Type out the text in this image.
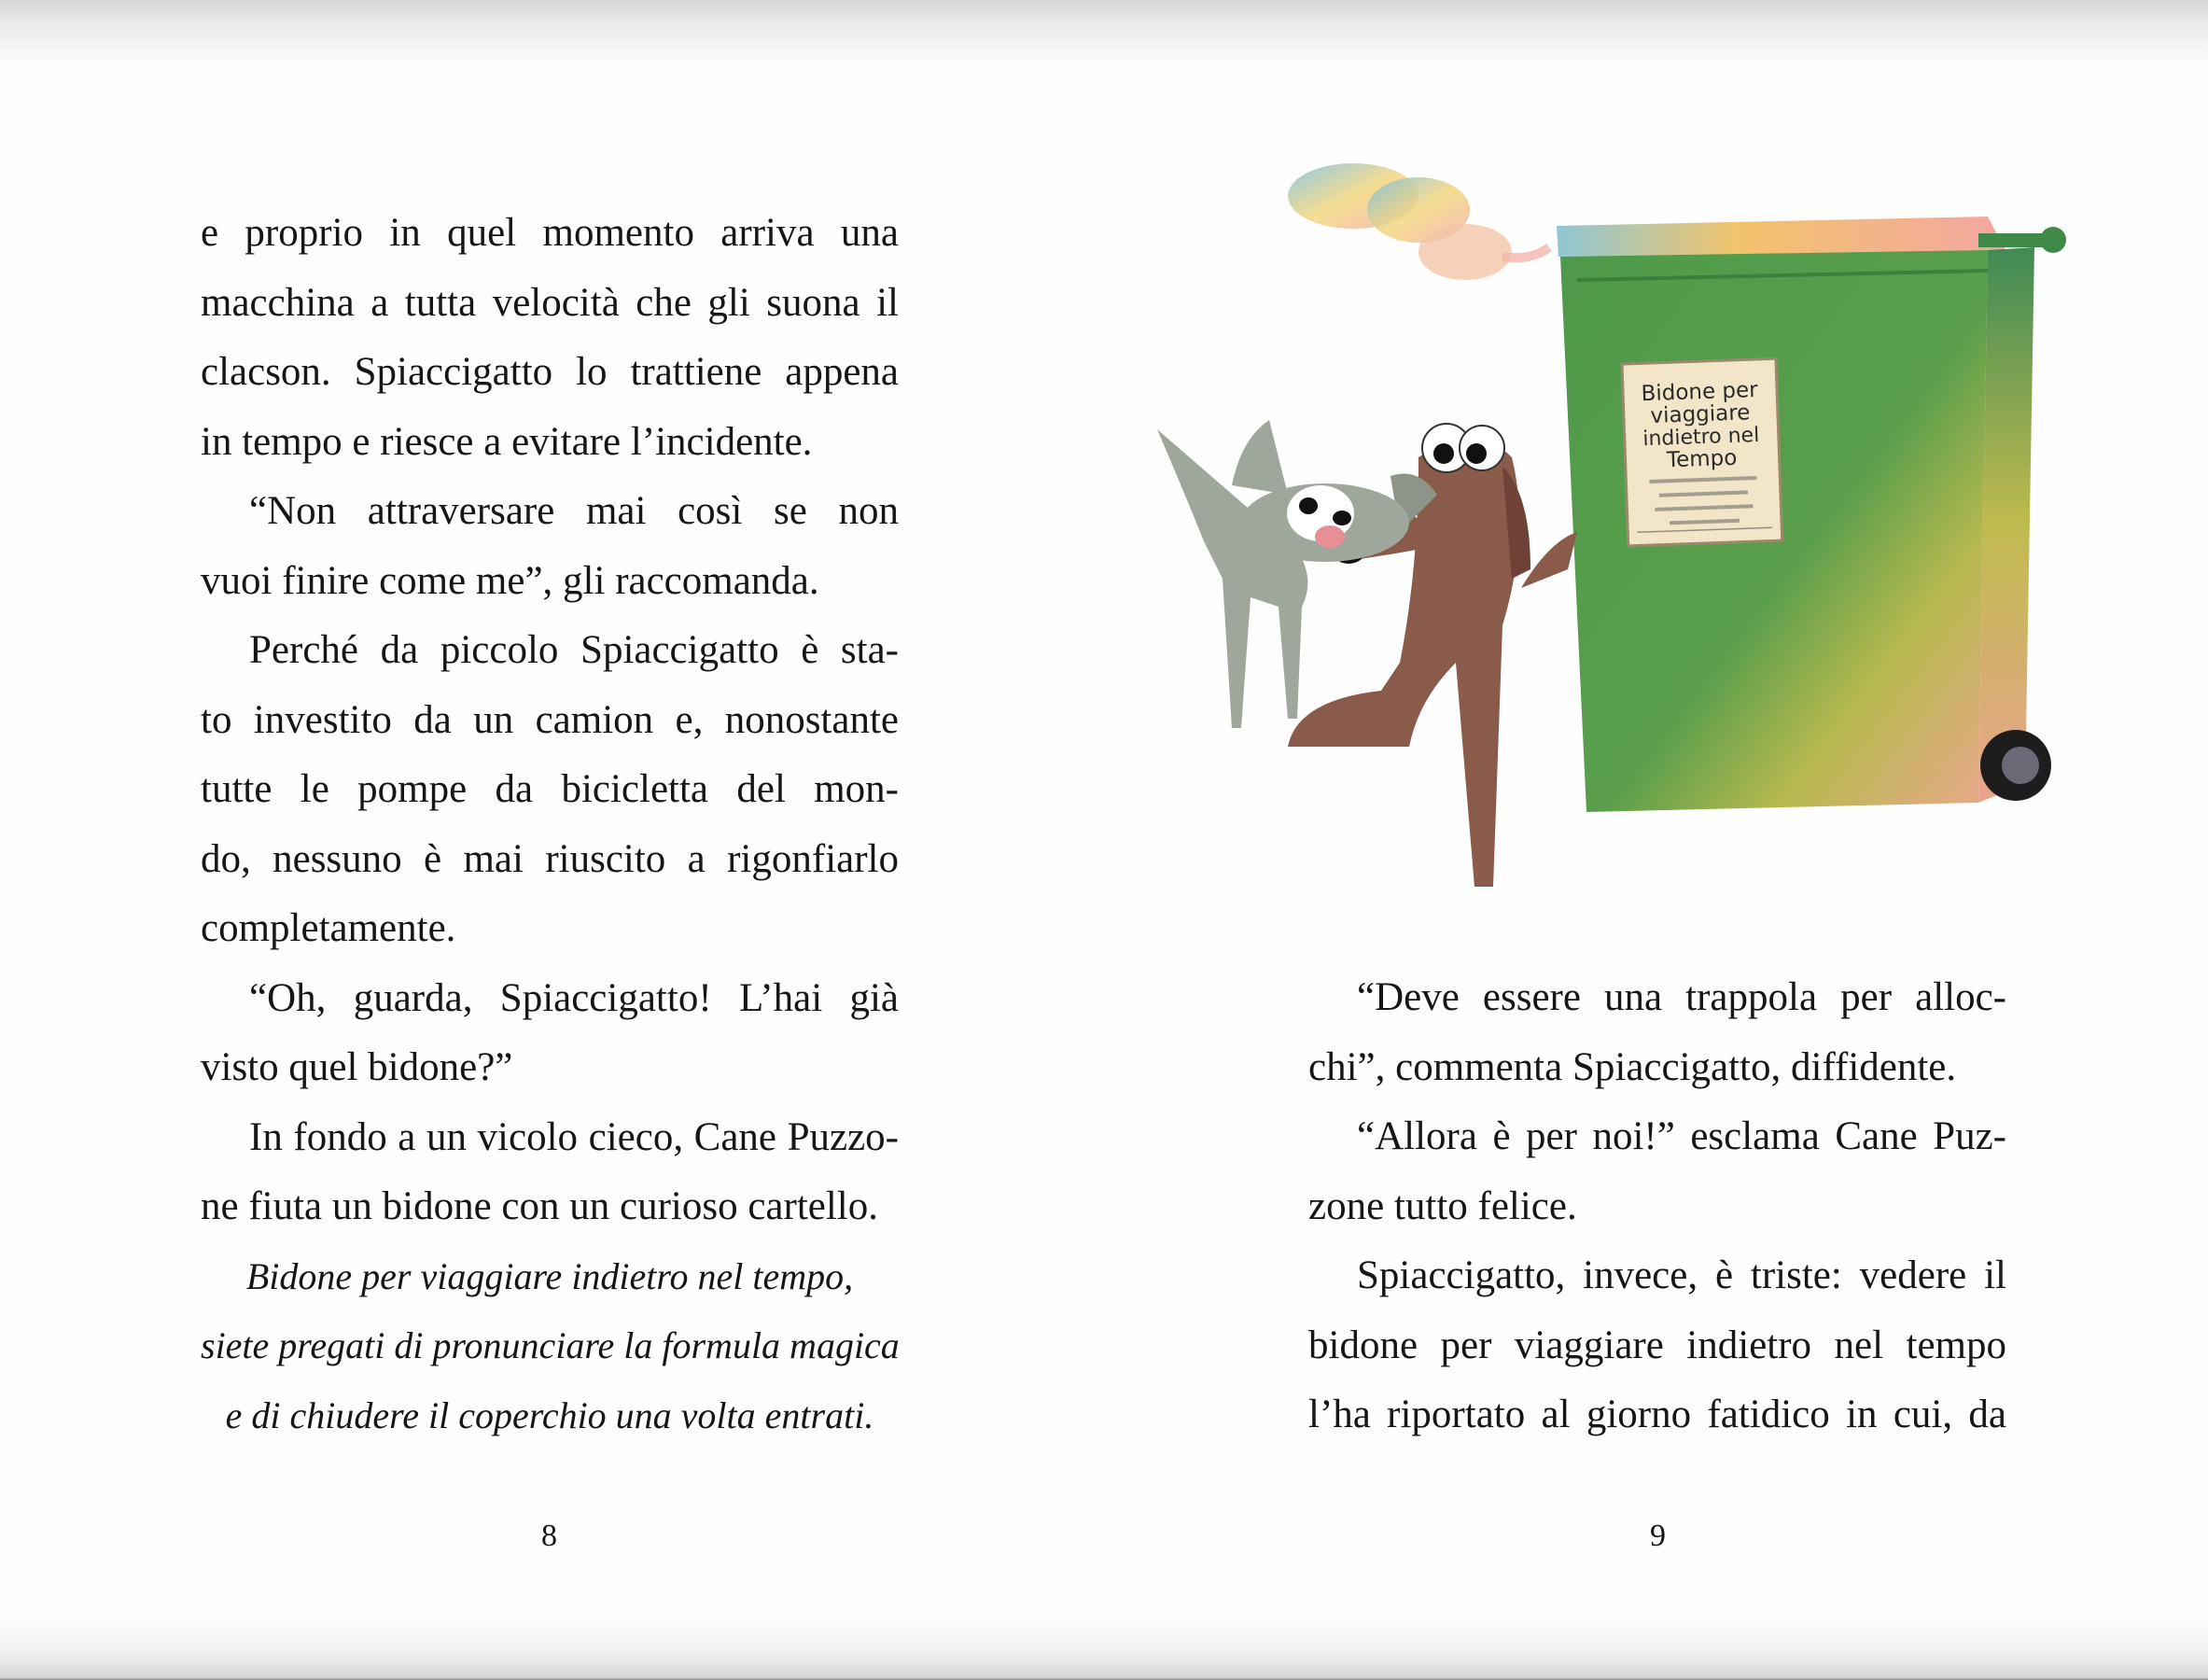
e proprio in quel momento arriva una
macchina a tutta velocità che gli suona il
clacson. Spiaccigatto lo trattiene appena
in tempo e riesce a evitare l’incidente.
“Non attraversare mai così se non
vuoi finire come me”, gli raccomanda.
Perché da piccolo Spiaccigatto è sta-
to investito da un camion e, nonostante
tutte le pompe da bicicletta del mon-
do, nessuno è mai riuscito a rigonfiarlo
completamente.
“Oh, guarda, Spiaccigatto! L’hai già
visto quel bidone?”
In fondo a un vicolo cieco, Cane Puzzo-
ne fiuta un bidone con un curioso cartello.
Bidone per viaggiare indietro nel tempo,
siete pregati di pronunciare la formula magica
e di chiudere il coperchio una volta entrati.
8
Bidone per
viaggiare
indietro nel
Tempo
“Deve essere una trappola per alloc-
chi”, commenta Spiaccigatto, diffidente.
“Allora è per noi!” esclama Cane Puz-
zone tutto felice.
Spiaccigatto, invece, è triste: vedere il
bidone per viaggiare indietro nel tempo
l’ha riportato al giorno fatidico in cui, da
9
